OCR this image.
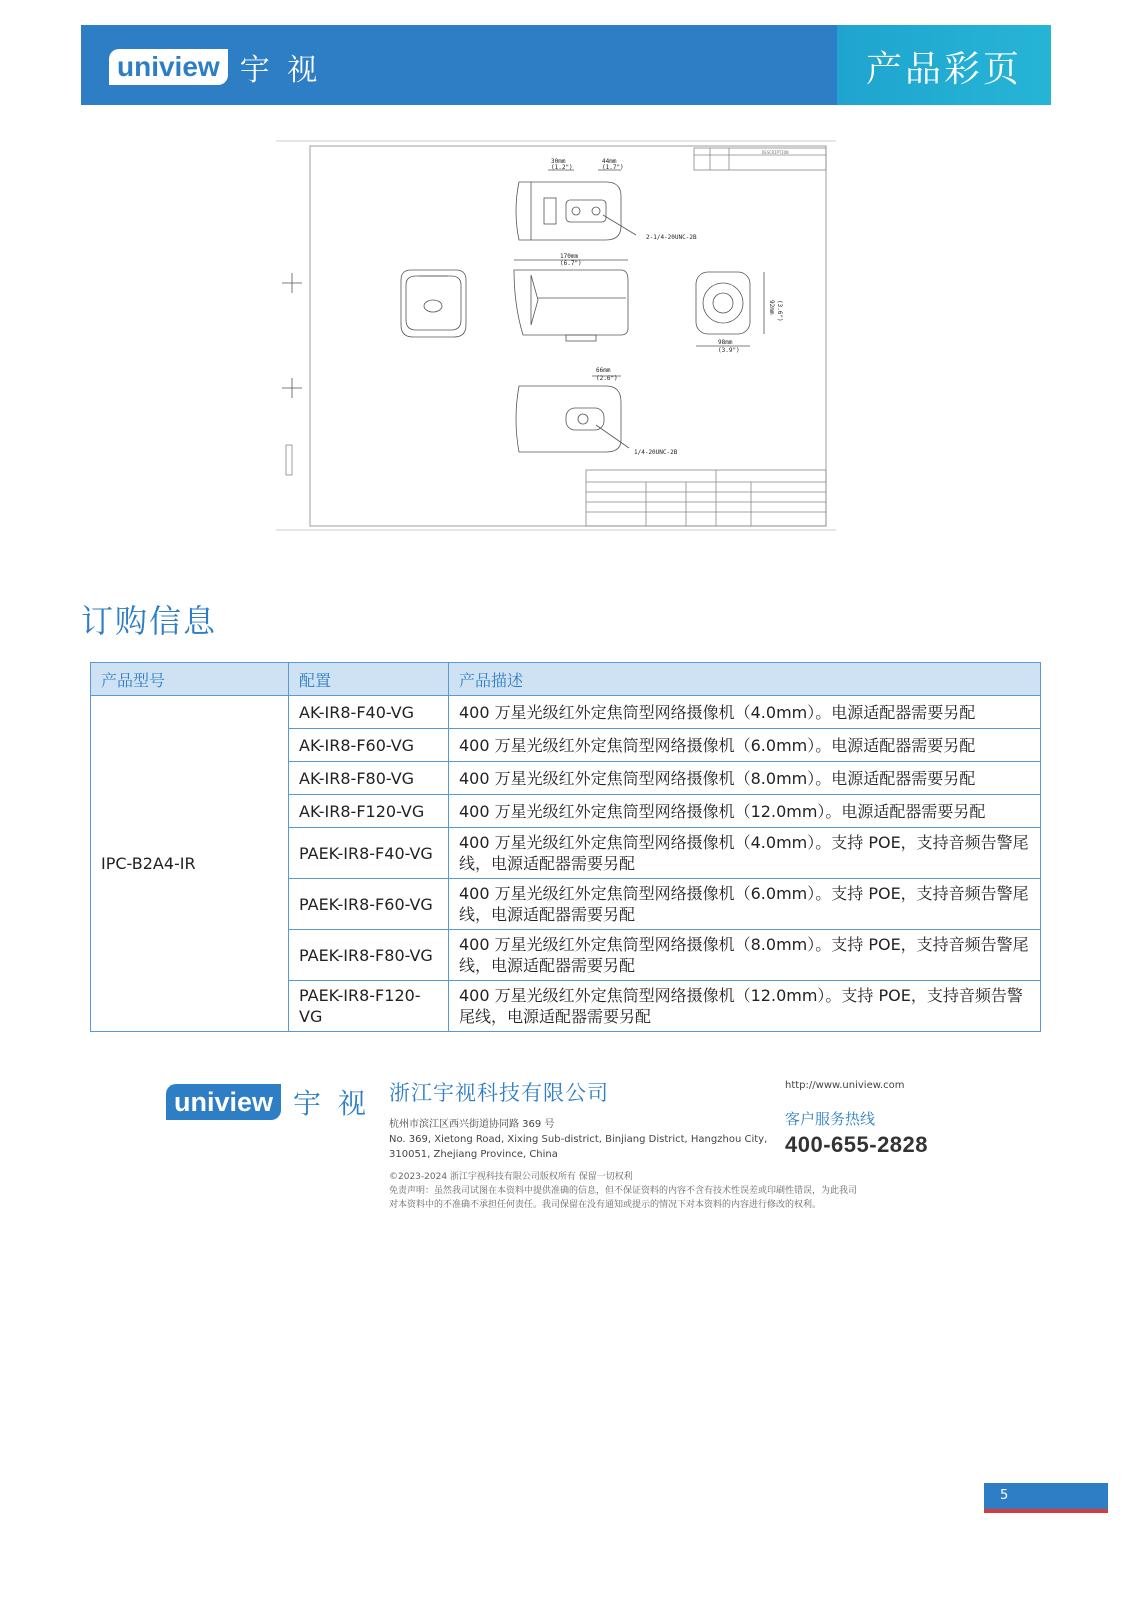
uniview 宇 视	产品彩页
30mm
(1.2")
44mm
(1.7")
2-1/4-20UNC-2B
170mm
(6.7")
92mm (3.6")
98mm
(3.9")
66mm
(2.6")
1/4-20UNC-2B
DESCRIPTION
订购信息
产品型号	配置	产品描述
IPC-B2A4-IR	AK-IR8-F40-VG	400 万星光级红外定焦筒型网络摄像机（4.0mm）。电源适配器需要另配
	AK-IR8-F60-VG	400 万星光级红外定焦筒型网络摄像机（6.0mm）。电源适配器需要另配
	AK-IR8-F80-VG	400 万星光级红外定焦筒型网络摄像机（8.0mm）。电源适配器需要另配
	AK-IR8-F120-VG	400 万星光级红外定焦筒型网络摄像机（12.0mm）。电源适配器需要另配
	PAEK-IR8-F40-VG	400 万星光级红外定焦筒型网络摄像机（4.0mm）。支持 POE，支持音频告警尾线，电源适配器需要另配
	PAEK-IR8-F60-VG	400 万星光级红外定焦筒型网络摄像机（6.0mm）。支持 POE，支持音频告警尾线，电源适配器需要另配
	PAEK-IR8-F80-VG	400 万星光级红外定焦筒型网络摄像机（8.0mm）。支持 POE，支持音频告警尾线，电源适配器需要另配
	PAEK-IR8-F120-VG	400 万星光级红外定焦筒型网络摄像机（12.0mm）。支持 POE，支持音频告警尾线，电源适配器需要另配
uniview 宇 视 浙江宇视科技有限公司
杭州市滨江区西兴街道协同路 369 号
No. 369, Xietong Road, Xixing Sub-district, Binjiang District, Hangzhou City,
310051, Zhejiang Province, China
http://www.uniview.com
客户服务热线
400-655-2828
©2023-2024 浙江宇视科技有限公司版权所有 保留一切权利
免责声明：虽然我司试图在本资料中提供准确的信息，但不保证资料的内容不含有技术性误差或印刷性错误，为此我司
对本资料中的不准确不承担任何责任。我司保留在没有通知或提示的情况下对本资料的内容进行修改的权利。
5
